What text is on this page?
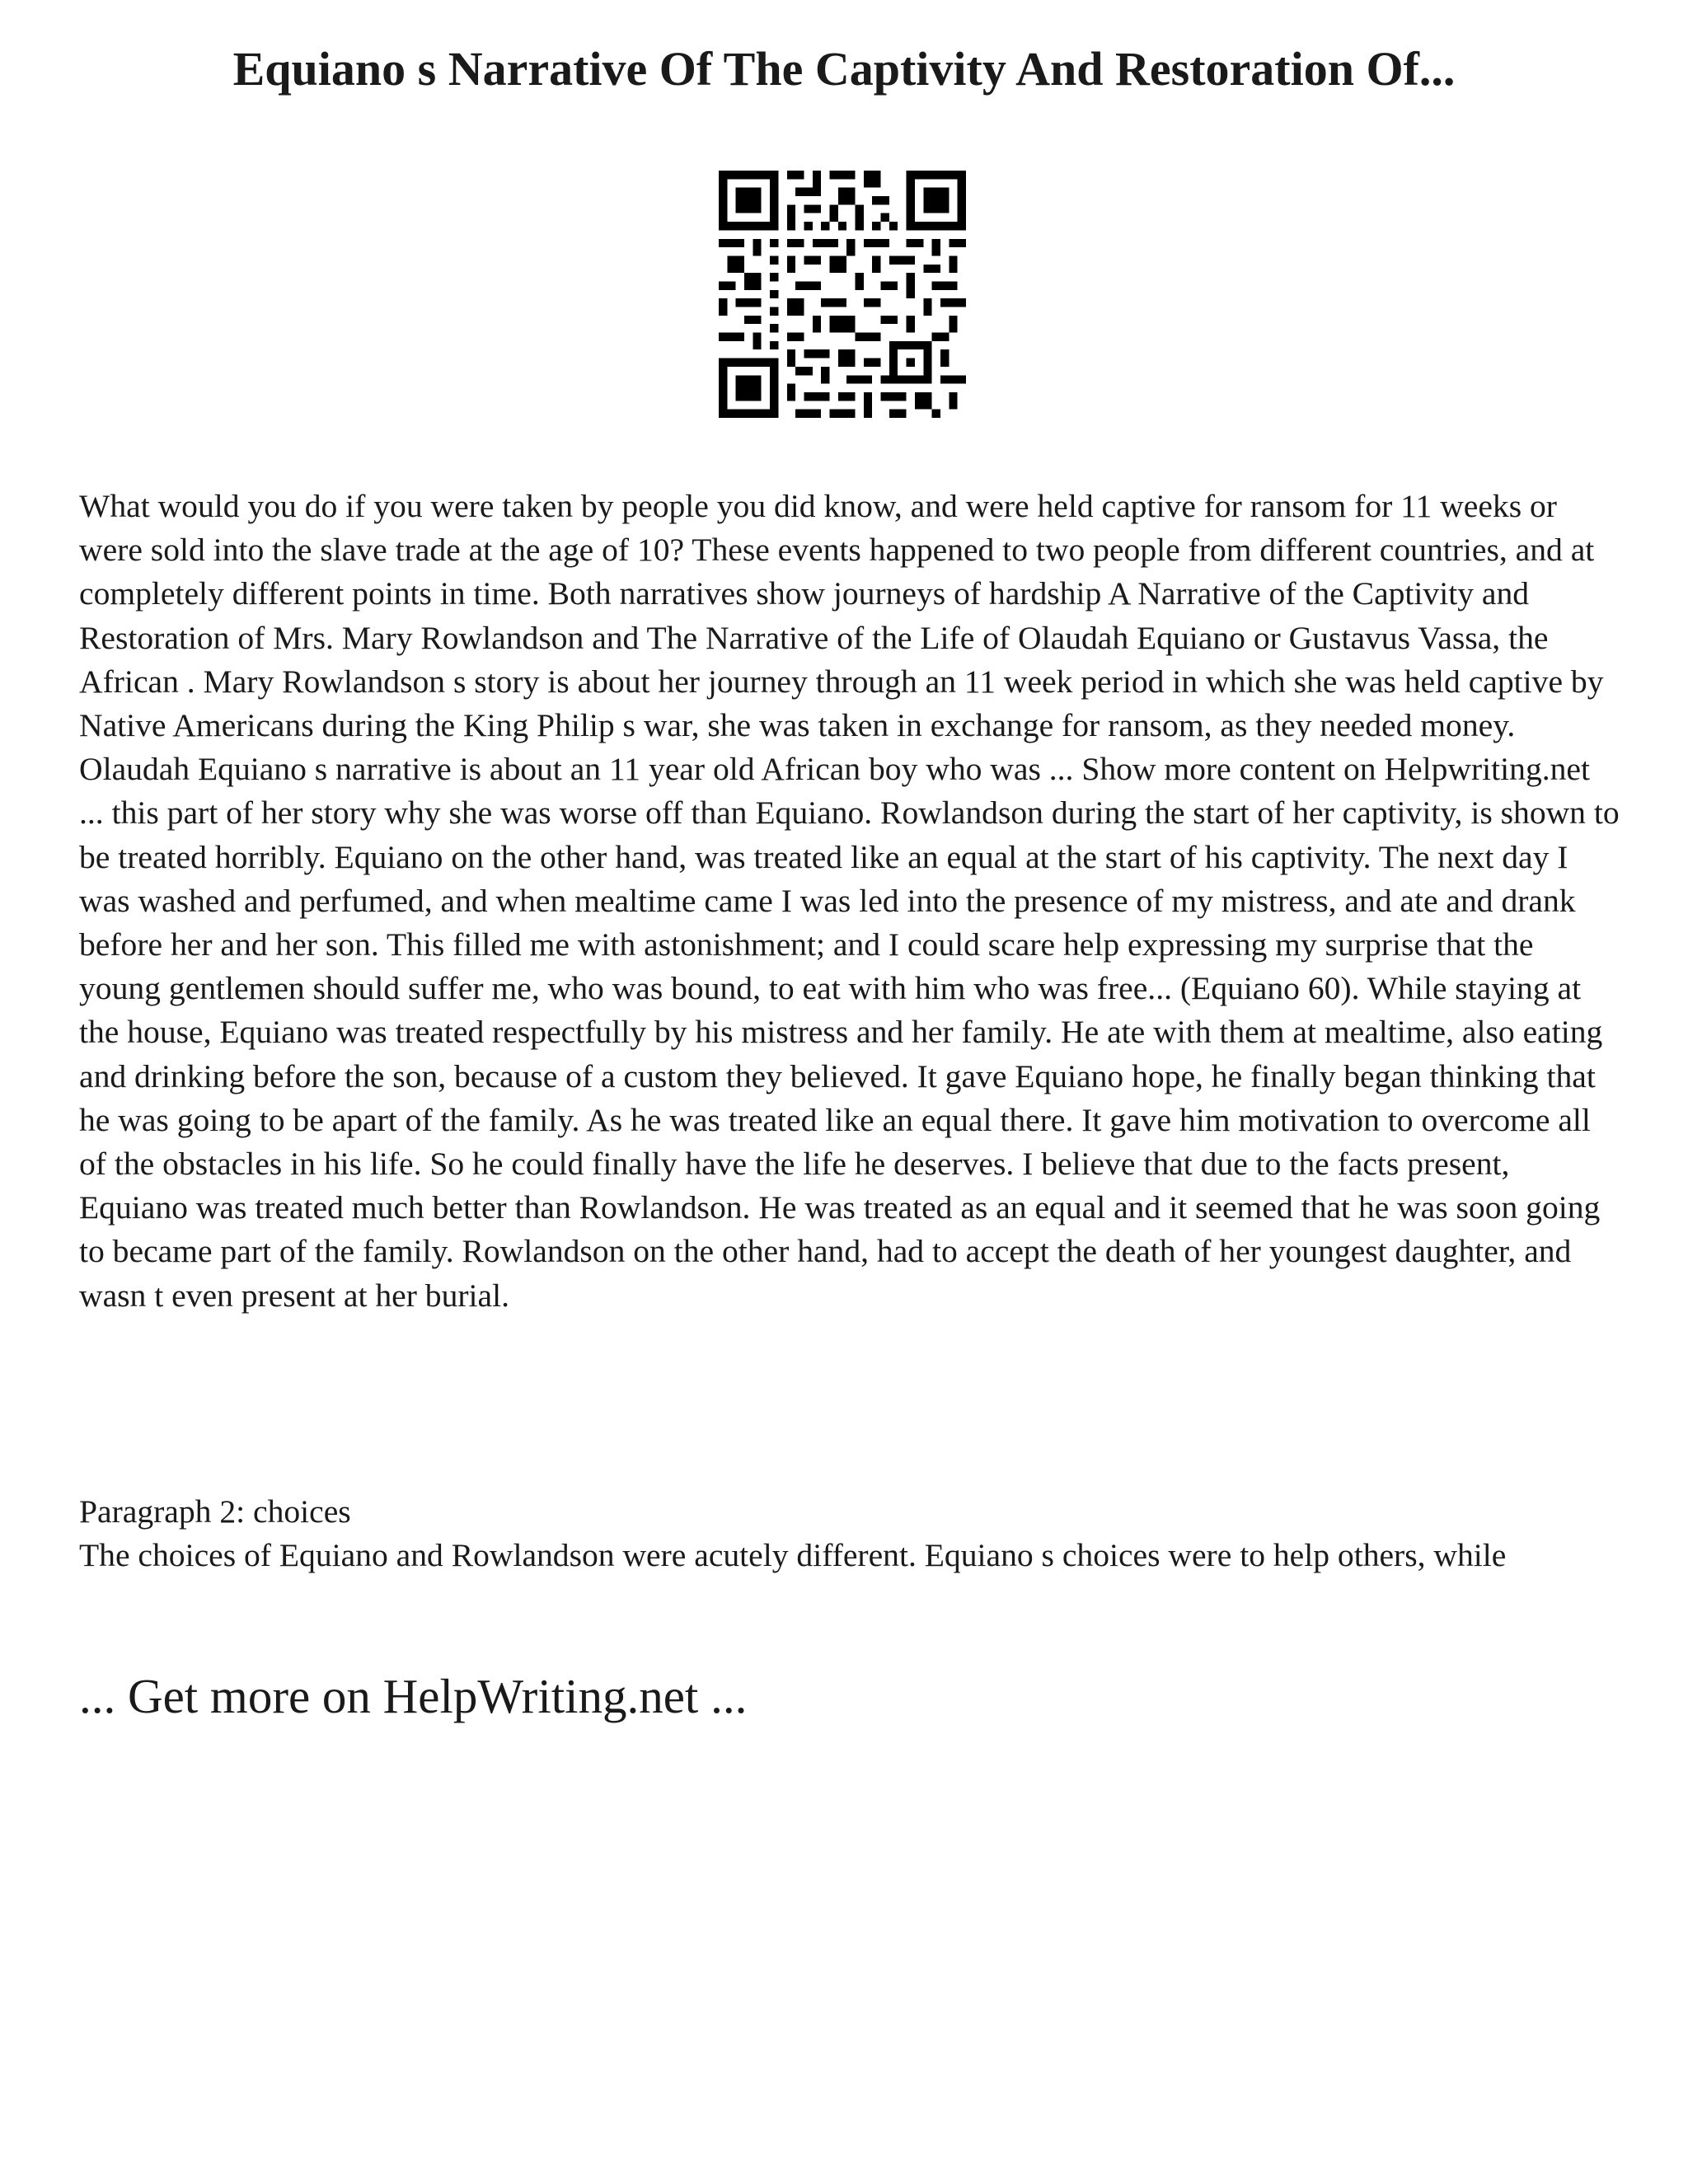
Equiano s Narrative Of The Captivity And Restoration Of...

What would you do if you were taken by people you did know, and were held captive for ransom for 11 weeks or were sold into the slave trade at the age of 10? These events happened to two people from different countries, and at completely different points in time. Both narratives show journeys of hardship A Narrative of the Captivity and Restoration of Mrs. Mary Rowlandson and The Narrative of the Life of Olaudah Equiano or Gustavus Vassa, the African . Mary Rowlandson s story is about her journey through an 11 week period in which she was held captive by Native Americans during the King Philip s war, she was taken in exchange for ransom, as they needed money. Olaudah Equiano s narrative is about an 11 year old African boy who was ... Show more content on Helpwriting.net ... this part of her story why she was worse off than Equiano. Rowlandson during the start of her captivity, is shown to be treated horribly. Equiano on the other hand, was treated like an equal at the start of his captivity. The next day I was washed and perfumed, and when mealtime came I was led into the presence of my mistress, and ate and drank before her and her son. This filled me with astonishment; and I could scare help expressing my surprise that the young gentlemen should suffer me, who was bound, to eat with him who was free... (Equiano 60). While staying at the house, Equiano was treated respectfully by his mistress and her family. He ate with them at mealtime, also eating and drinking before the son, because of a custom they believed. It gave Equiano hope, he finally began thinking that he was going to be apart of the family. As he was treated like an equal there. It gave him motivation to overcome all of the obstacles in his life. So he could finally have the life he deserves. I believe that due to the facts present, Equiano was treated much better than Rowlandson. He was treated as an equal and it seemed that he was soon going to became part of the family. Rowlandson on the other hand, had to accept the death of her youngest daughter, and wasn t even present at her burial.

Paragraph 2: choices

The choices of Equiano and Rowlandson were acutely different. Equiano s choices were to help others, while

... Get more on HelpWriting.net ...
